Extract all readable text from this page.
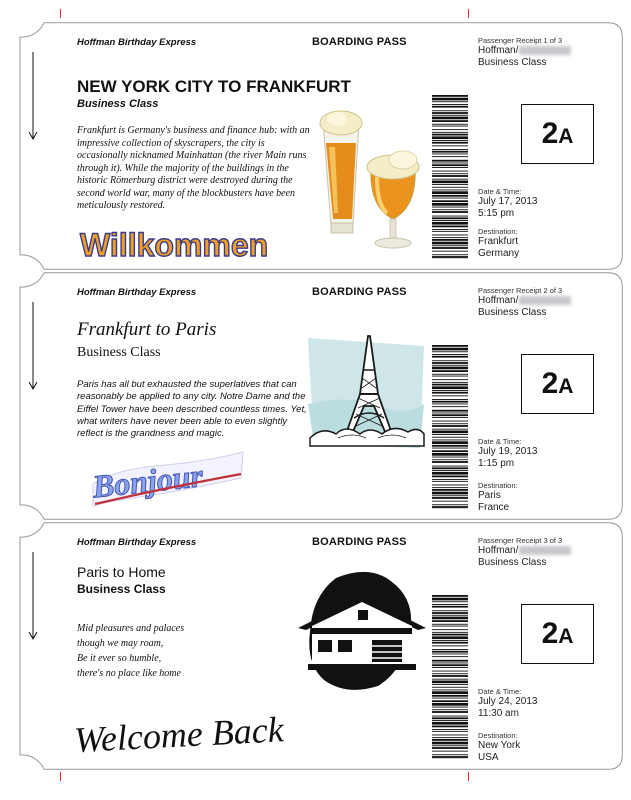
Hoffman Birthday Express	BOARDING PASS
NEW YORK CITY TO FRANKFURT
Business Class
Frankfurt is Germany's business and finance hub: with an impressive collection of skyscrapers, the city is occasionally nicknamed Mainhattan (the river Main runs through it). While the majority of the buildings in the historic Römerburg district were destroyed during the second world war, many of the blockbusters have been meticulously restored.
Willkommen
Passenger Receipt 1 of 3
Hoffman/
Business Class
2A
Date & Time:
July 17, 2013
5:15 pm
Destination:
Frankfurt
Germany
Hoffman Birthday Express	BOARDING PASS
Frankfurt to Paris
Business Class
Paris has all but exhausted the superlatives that can reasonably be applied to any city. Notre Dame and the Eiffel Tower have been described countless times. Yet, what writers have never been able to even slightly reflect is the grandness and magic.
Bonjour
Passenger Receipt 2 of 3
Hoffman/
Business Class
2A
Date & Time:
July 19, 2013
1:15 pm
Destination:
Paris
France
Hoffman Birthday Express	BOARDING PASS
Paris to Home
Business Class
Mid pleasures and palaces
though we may roam,
Be it ever so humble,
there's no place like home
Welcome Back
Passenger Receipt 3 of 3
Hoffman/
Business Class
2A
Date & Time:
July 24, 2013
11:30 am
Destination:
New York
USA
